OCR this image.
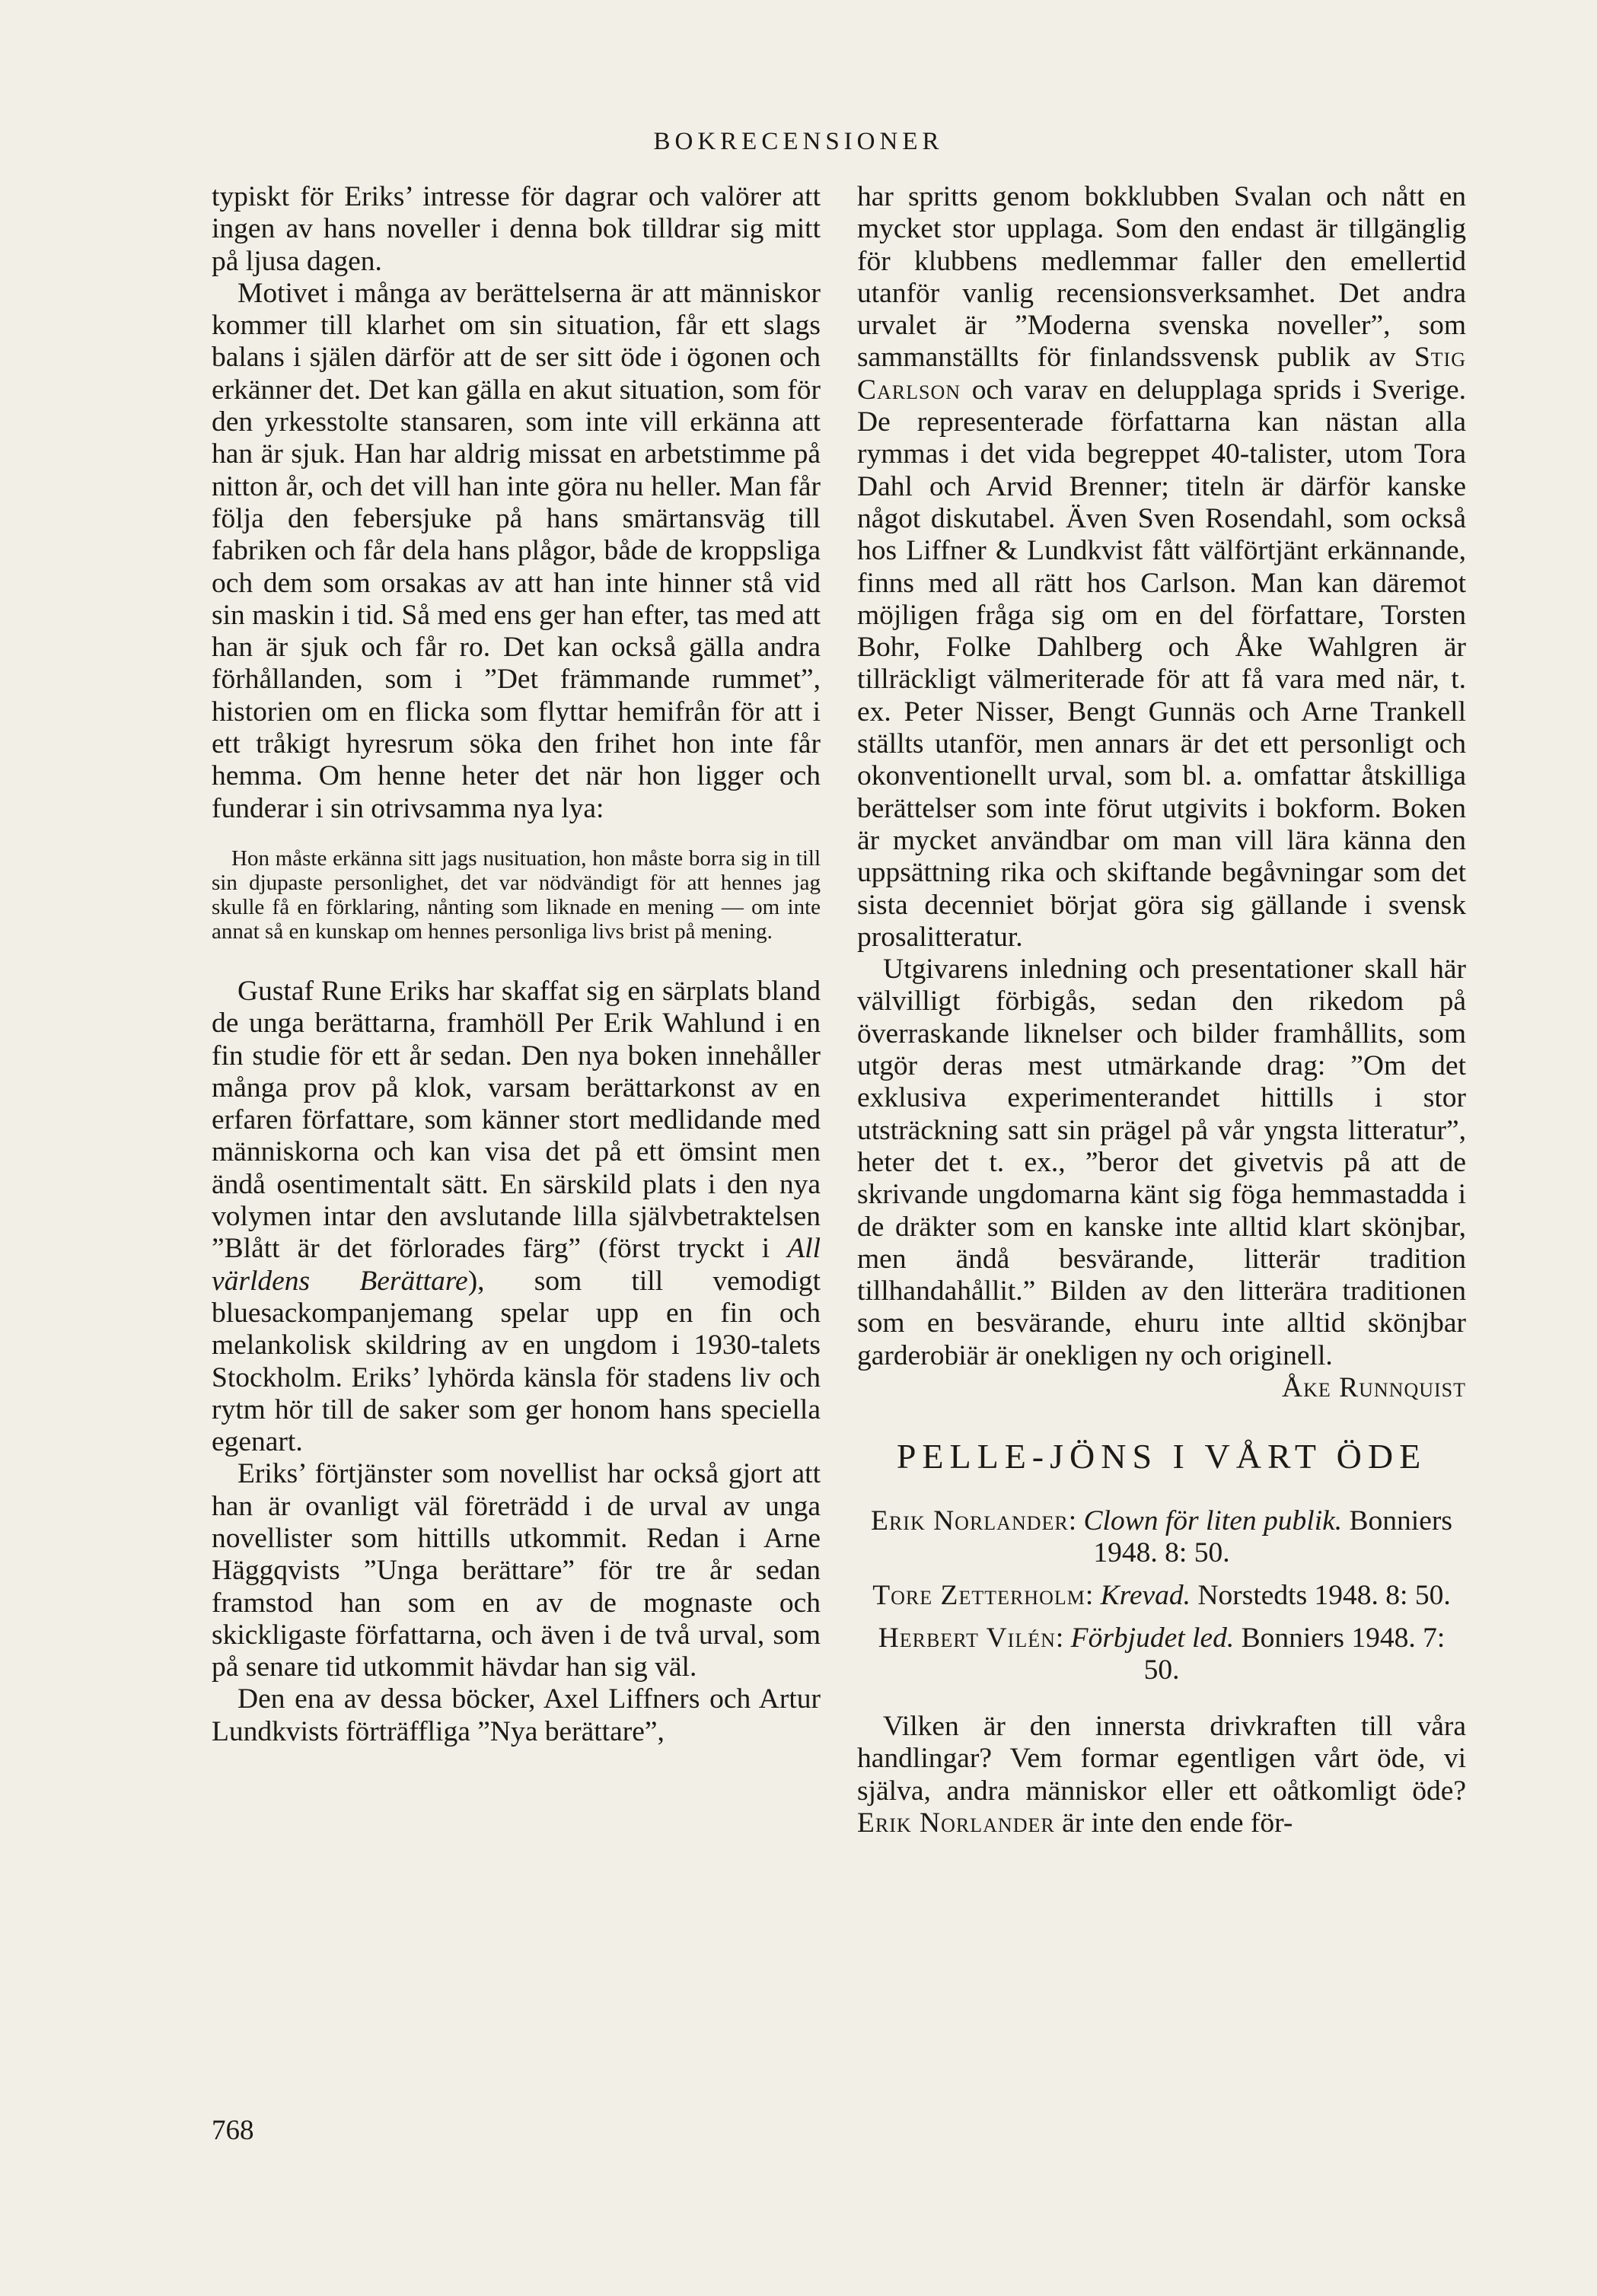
BOKRECENSIONER

typiskt för Eriks’ intresse för dagrar och valörer att ingen av hans noveller i denna bok tilldrar sig mitt på ljusa dagen.

Motivet i många av berättelserna är att människor kommer till klarhet om sin situation, får ett slags balans i själen därför att de ser sitt öde i ögonen och erkänner det. Det kan gälla en akut situation, som för den yrkesstolte stansaren, som inte vill erkänna att han är sjuk. Han har aldrig missat en arbetstimme på nitton år, och det vill han inte göra nu heller. Man får följa den febersjuke på hans smärtansväg till fabriken och får dela hans plågor, både de kroppsliga och dem som orsakas av att han inte hinner stå vid sin maskin i tid. Så med ens ger han efter, tas med att han är sjuk och får ro. Det kan också gälla andra förhållanden, som i ”Det främmande rummet”, historien om en flicka som flyttar hemifrån för att i ett tråkigt hyresrum söka den frihet hon inte får hemma. Om henne heter det när hon ligger och funderar i sin otrivsamma nya lya:

Hon måste erkänna sitt jags nusituation, hon måste borra sig in till sin djupaste personlighet, det var nödvändigt för att hennes jag skulle få en förklaring, nånting som liknade en mening — om inte annat så en kunskap om hennes personliga livs brist på mening.

Gustaf Rune Eriks har skaffat sig en särplats bland de unga berättarna, framhöll Per Erik Wahlund i en fin studie för ett år sedan. Den nya boken innehåller många prov på klok, varsam berättarkonst av en erfaren författare, som känner stort medlidande med människorna och kan visa det på ett ömsint men ändå osentimentalt sätt. En särskild plats i den nya volymen intar den avslutande lilla självbetraktelsen ”Blått är det förlorades färg” (först tryckt i All världens Berättare), som till vemodigt bluesackompanjemang spelar upp en fin och melankolisk skildring av en ungdom i 1930-talets Stockholm. Eriks’ lyhörda känsla för stadens liv och rytm hör till de saker som ger honom hans speciella egenart.

Eriks’ förtjänster som novellist har också gjort att han är ovanligt väl företrädd i de urval av unga novellister som hittills utkommit. Redan i Arne Häggqvists ”Unga berättare” för tre år sedan framstod han som en av de mognaste och skickligaste författarna, och även i de två urval, som på senare tid utkommit hävdar han sig väl.

Den ena av dessa böcker, Axel Liffners och Artur Lundkvists förträffliga ”Nya berättare”,

har spritts genom bokklubben Svalan och nått en mycket stor upplaga. Som den endast är tillgänglig för klubbens medlemmar faller den emellertid utanför vanlig recensionsverksamhet. Det andra urvalet är ”Moderna svenska noveller”, som sammanställts för finlandssvensk publik av Stig Carlson och varav en delupplaga sprids i Sverige. De representerade författarna kan nästan alla rymmas i det vida begreppet 40-talister, utom Tora Dahl och Arvid Brenner; titeln är därför kanske något diskutabel. Även Sven Rosendahl, som också hos Liffner & Lundkvist fått välförtjänt erkännande, finns med all rätt hos Carlson. Man kan däremot möjligen fråga sig om en del författare, Torsten Bohr, Folke Dahlberg och Åke Wahlgren är tillräckligt välmeriterade för att få vara med när, t. ex. Peter Nisser, Bengt Gunnäs och Arne Trankell ställts utanför, men annars är det ett personligt och okonventionellt urval, som bl. a. omfattar åtskilliga berättelser som inte förut utgivits i bokform. Boken är mycket användbar om man vill lära känna den uppsättning rika och skiftande begåvningar som det sista decenniet börjat göra sig gällande i svensk prosalitteratur.

Utgivarens inledning och presentationer skall här välvilligt förbigås, sedan den rikedom på överraskande liknelser och bilder framhållits, som utgör deras mest utmärkande drag: ”Om det exklusiva experimenterandet hittills i stor utsträckning satt sin prägel på vår yngsta litteratur”, heter det t. ex., ”beror det givetvis på att de skrivande ungdomarna känt sig föga hemmastadda i de dräkter som en kanske inte alltid klart skönjbar, men ändå besvärande, litterär tradition tillhandahållit.” Bilden av den litterära traditionen som en besvärande, ehuru inte alltid skönjbar garderobiär är onekligen ny och originell.
Åke Runnquist

PELLE-JÖNS I VÅRT ÖDE

Erik Norlander: Clown för liten publik. Bonniers 1948. 8: 50.

Tore Zetterholm: Krevad. Norstedts 1948. 8: 50.

Herbert Vilén: Förbjudet led. Bonniers 1948. 7: 50.

Vilken är den innersta drivkraften till våra handlingar? Vem formar egentligen vårt öde, vi själva, andra människor eller ett oåtkomligt öde? Erik Norlander är inte den ende för-

768
